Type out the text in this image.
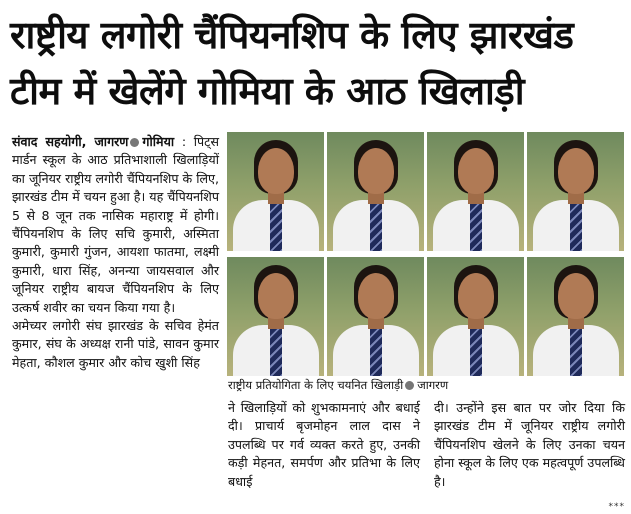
राष्ट्रीय लगोरी चैंपियनशिप के लिए झारखंड
टीम में खेलेंगे गोमिया के आठ खिलाड़ी

संवाद सहयोगी, जागरण गोमिया : पिट्स मार्डन स्कूल के आठ प्रतिभाशाली खिलाड़ियों का जूनियर राष्ट्रीय लगोरी चैंपियनशिप के लिए, झारखंड टीम में चयन हुआ है। यह चैंपियनशिप 5 से 8 जून तक नासिक महाराष्ट्र में होगी। चैंपियनशिप के लिए सचि कुमारी, अस्मिता कुमारी, कुमारी गुंजन, आयशा फातमा, लक्ष्मी कुमारी, धारा सिंह, अनन्या जायसवाल और जूनियर राष्ट्रीय बायज चैंपियनशिप के लिए उत्कर्ष शवीर का चयन किया गया है।

अमेच्यर लगोरी संघ झारखंड के सचिव हेमंत कुमार, संघ के अध्यक्ष रानी पांडे, सावन कुमार मेहता, कौशल कुमार और कोच खुशी सिंह

राष्ट्रीय प्रतियोगिता के लिए चयनित खिलाड़ी जागरण

ने खिलाड़ियों को शुभकामनाएं और बधाई दी। प्राचार्य बृजमोहन लाल दास ने उपलब्धि पर गर्व व्यक्त करते हुए, उनकी कड़ी मेहनत, समर्पण और प्रतिभा के लिए बधाई

दी। उन्होंने इस बात पर जोर दिया कि झारखंड टीम में जूनियर राष्ट्रीय लगोरी चैंपियनशिप खेलने के लिए उनका चयन होना स्कूल के लिए एक महत्वपूर्ण उपलब्धि है।

***
